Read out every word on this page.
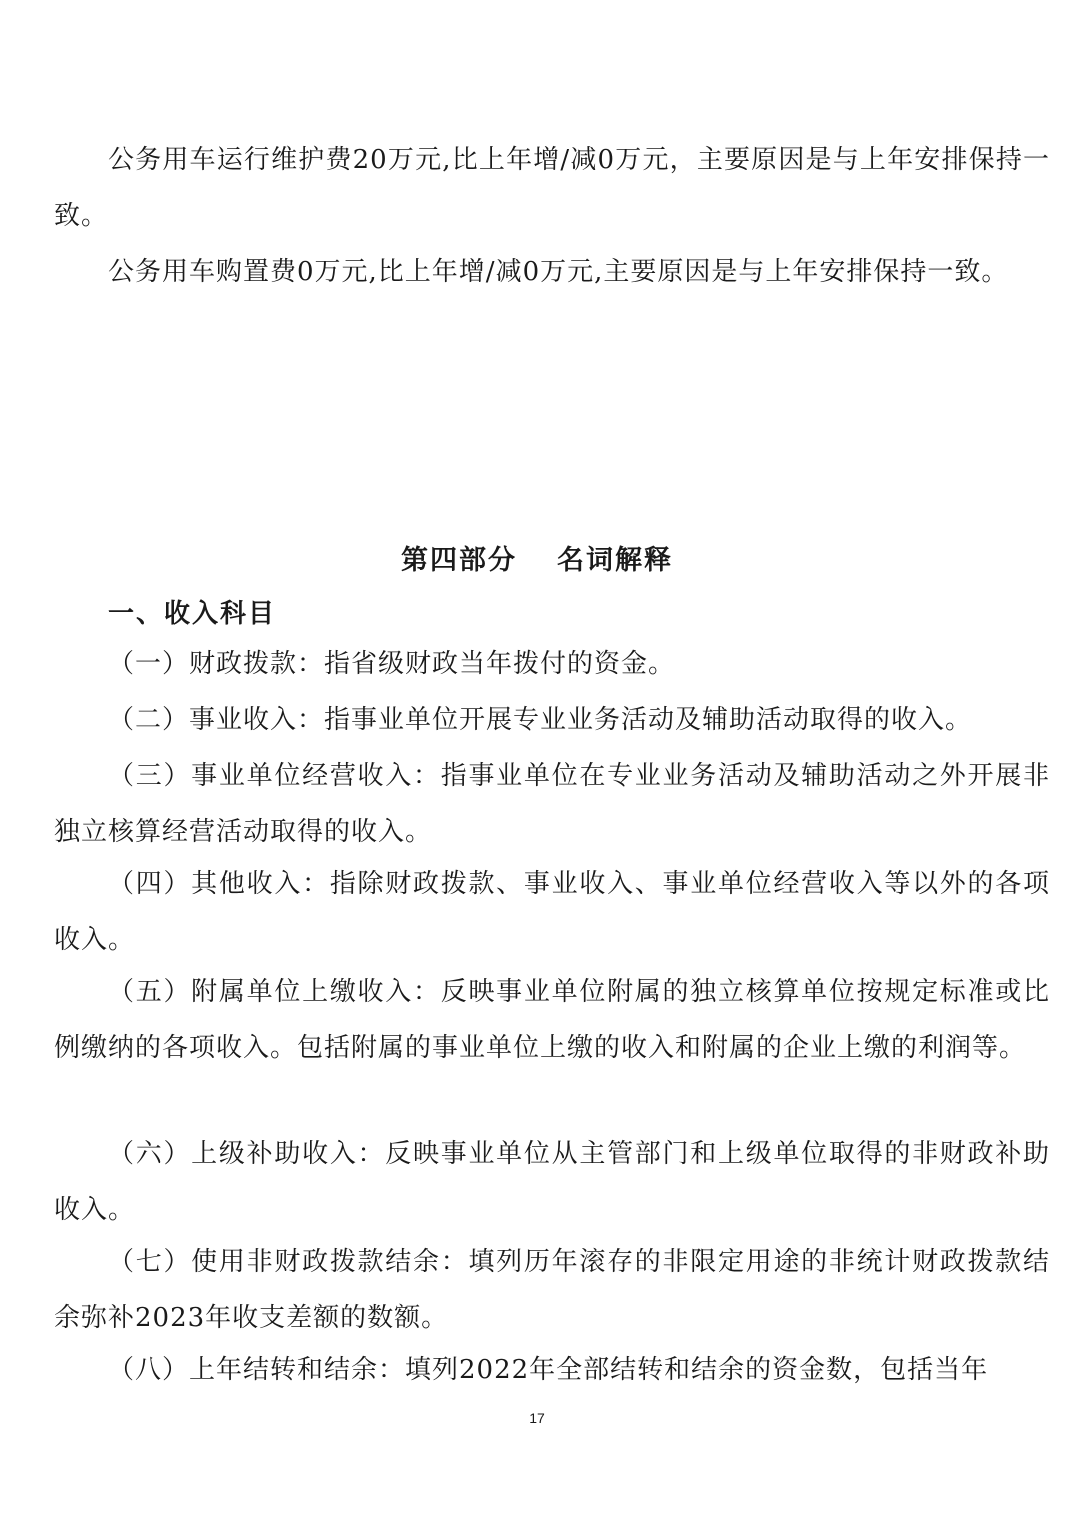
公务用车运行维护费20万元,比上年增/减0万元，主要原因是与上年安排保持一致。

公务用车购置费0万元,比上年增/减0万元,主要原因是与上年安排保持一致。

第四部分 名词解释
一、收入科目

（一）财政拨款：指省级财政当年拨付的资金。

（二）事业收入：指事业单位开展专业业务活动及辅助活动取得的收入。

（三）事业单位经营收入：指事业单位在专业业务活动及辅助活动之外开展非独立核算经营活动取得的收入。

（四）其他收入：指除财政拨款、事业收入、事业单位经营收入等以外的各项收入。

（五）附属单位上缴收入：反映事业单位附属的独立核算单位按规定标准或比例缴纳的各项收入。包括附属的事业单位上缴的收入和附属的企业上缴的利润等。

（六）上级补助收入：反映事业单位从主管部门和上级单位取得的非财政补助收入。

（七）使用非财政拨款结余：填列历年滚存的非限定用途的非统计财政拨款结余弥补2023年收支差额的数额。

（八）上年结转和结余：填列2022年全部结转和结余的资金数，包括当年

17
